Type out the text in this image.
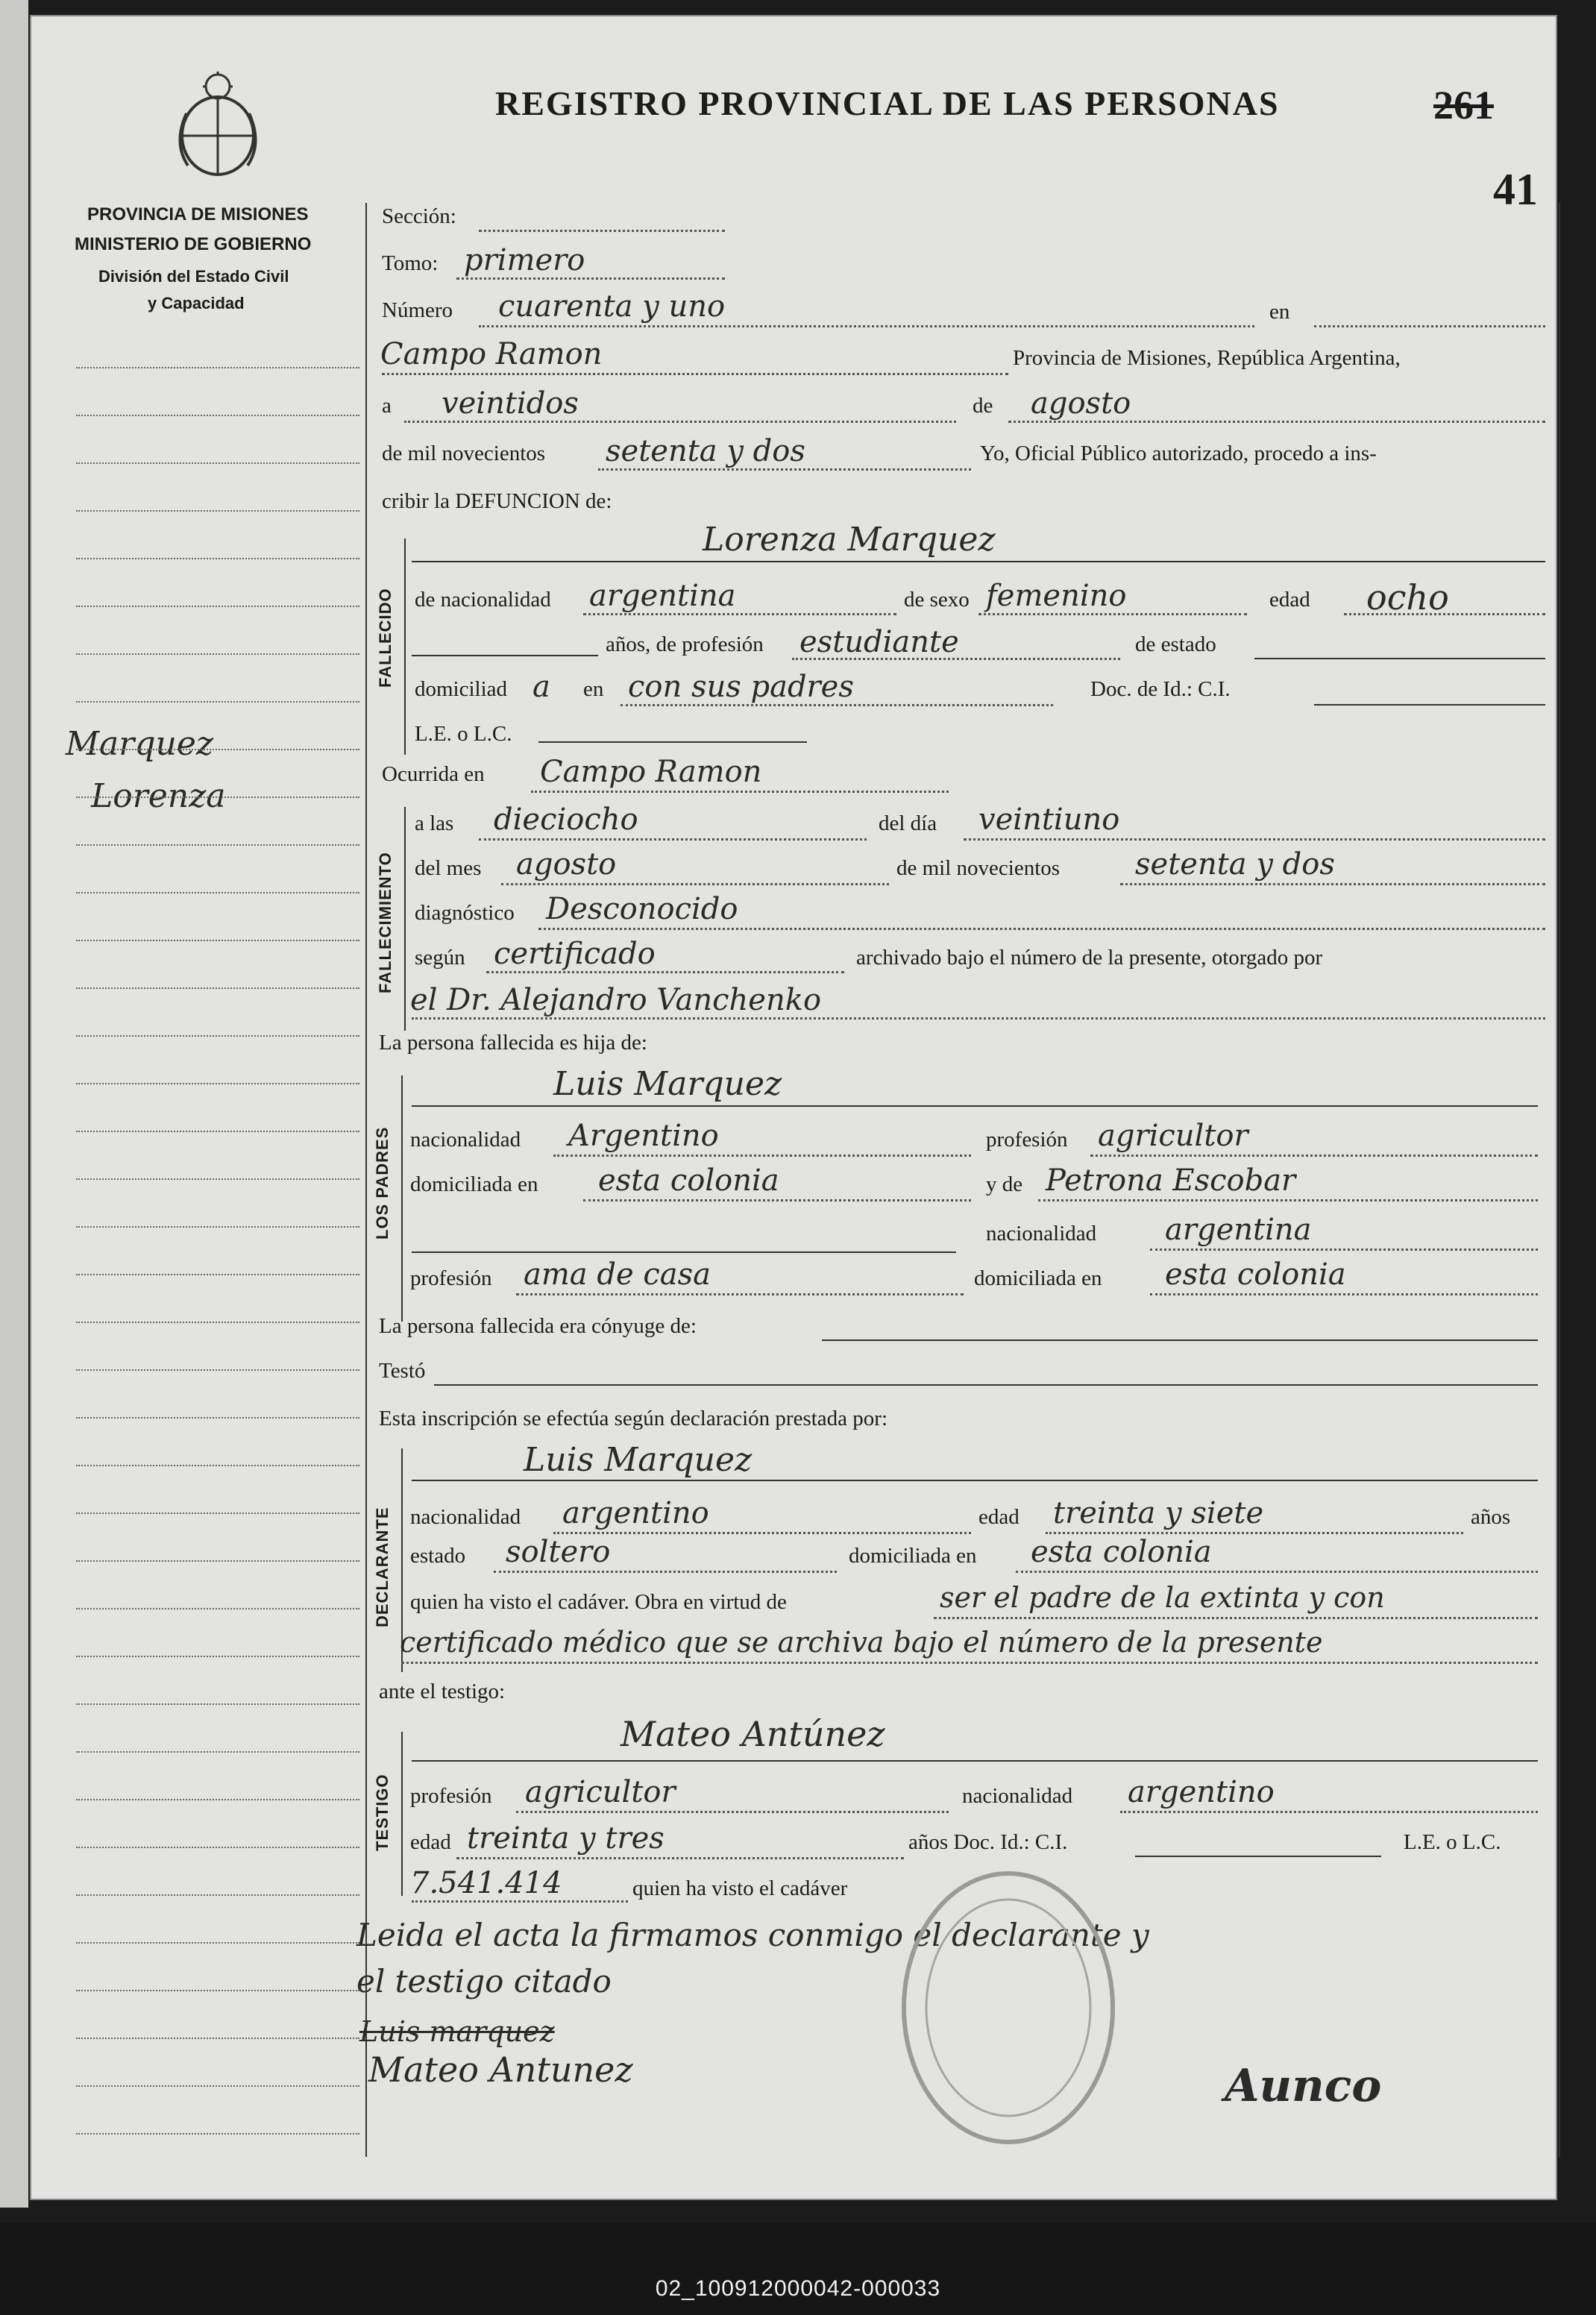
PROVINCIA DE MISIONES
MINISTERIO DE GOBIERNO
División del Estado Civil
y Capacidad
REGISTRO PROVINCIAL DE LAS PERSONAS	261
41
Marquez
Lorenza
Sección:
Tomo: primero
Número cuarenta y uno	en
Campo Ramon	Provincia de Misiones, República Argentina,
a veintidos	de agosto
de mil novecientos setenta y dos	Yo, Oficial Público autorizado, procedo a ins-
cribir la DEFUNCION de:
FALLECIDO
Lorenza Marquez
de nacionalidad argentina	de sexo femenino	edad ocho
años, de profesión estudiante	de estado
domiciliad a en con sus padres	Doc. de Id.: C.I.
L.E. o L.C.
Ocurrida en Campo Ramon
FALLECIMIENTO
a las dieciocho	del día veintiuno
del mes agosto	de mil novecientos	setenta y dos
diagnóstico Desconocido
según certificado	archivado bajo el número de la presente, otorgado por
el Dr. Alejandro Vanchenko
La persona fallecida es hija de:
LOS PADRES
Luis Marquez
nacionalidad Argentino	profesión agricultor
domiciliada en esta colonia	y de Petrona Escobar
nacionalidad argentina
profesión ama de casa	domiciliada en esta colonia
La persona fallecida era cónyuge de:
Testó
Esta inscripción se efectúa según declaración prestada por:
DECLARANTE
Luis Marquez
nacionalidad argentino	edad treinta y siete	años
estado soltero	domiciliada en esta colonia
quien ha visto el cadáver. Obra en virtud de	ser el padre de la extinta y con
certificado médico que se archiva bajo el número de la presente
ante el testigo:
TESTIGO
Mateo Antúnez
profesión agricultor	nacionalidad argentino
edad treinta y tres	años Doc. Id.: C.I.	L.E. o L.C.
7.541.414	quien ha visto el cadáver
Leida el acta la firmamos conmigo el declarante y
el testigo citado
Luis marquez
Mateo Antunez	Aunco
02_100912000042-000033
